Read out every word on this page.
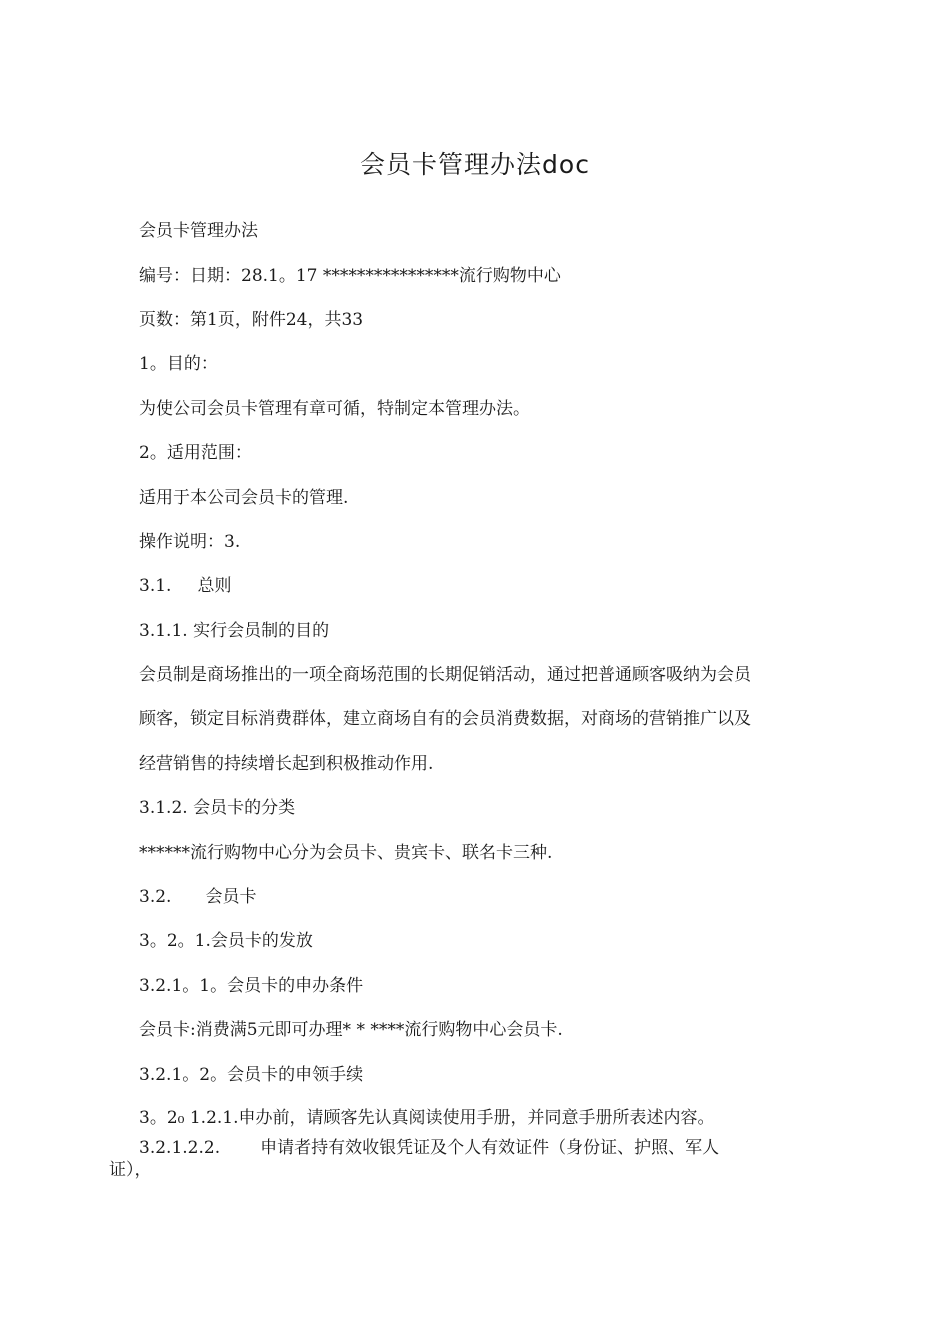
会员卡管理办法doc
会员卡管理办法
编号：日期：28.1。17 ****************流行购物中心
页数：第1页，附件24，共33
1。目的：
为使公司会员卡管理有章可循，特制定本管理办法。
2。适用范围：
适用于本公司会员卡的管理.
操作说明：3.
3.1. 总则
3.1.1. 实行会员制的目的
会员制是商场推出的一项全商场范围的长期促销活动，通过把普通顾客吸纳为会员
顾客，锁定目标消费群体，建立商场自有的会员消费数据，对商场的营销推广以及
经营销售的持续增长起到积极推动作用.
3.1.2. 会员卡的分类
******流行购物中心分为会员卡、贵宾卡、联名卡三种.
3.2. 会员卡
3。2。1.会员卡的发放
3.2.1。1。会员卡的申办条件
会员卡:消费满5元即可办理* * ****流行购物中心会员卡.
3.2.1。2。会员卡的申领手续
3。2₀ 1.2.1.申办前，请顾客先认真阅读使用手册，并同意手册所表述内容。
3.2.1.2.2. 申请者持有效收银凭证及个人有效证件（身份证、护照、军人
证），
